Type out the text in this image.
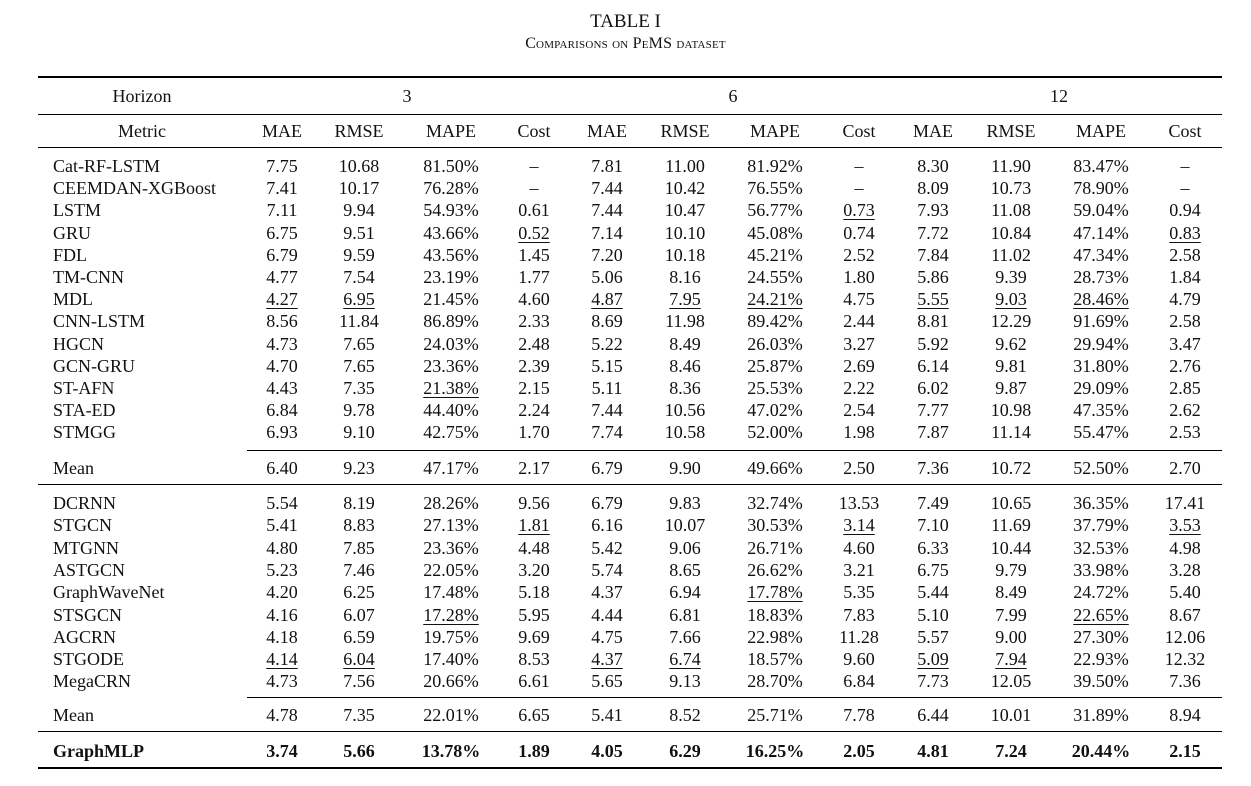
TABLE I
Comparisons on PeMS dataset
Horizon	3	6	12
Metric	MAE RMSE MAPE Cost MAE RMSE MAPE Cost MAE RMSE MAPE Cost
Cat-RF-LSTM	7.75 10.68 81.50%	–	7.81 11.00 81.92%	–	8.30 11.90 83.47%	–
CEEMDAN-XGBoost	7.41 10.17 76.28%	–	7.44 10.42 76.55%	–	8.09 10.73 78.90%	–
LSTM	7.11	9.94	54.93% 0.61 7.44 10.47 56.77% 0.73 7.93 11.08 59.04% 0.94
GRU	6.75	9.51	43.66% 0.52 7.14 10.10 45.08% 0.74 7.72 10.84 47.14% 0.83
FDL	6.79	9.59	43.56% 1.45 7.20 10.18 45.21% 2.52 7.84 11.02 47.34% 2.58
TM-CNN	4.77	7.54	23.19% 1.77 5.06	8.16	24.55% 1.80 5.86	9.39	28.73% 1.84
MDL	4.27	6.95	21.45% 4.60 4.87	7.95	24.21% 4.75 5.55	9.03	28.46% 4.79
CNN-LSTM	8.56 11.84 86.89% 2.33 8.69 11.98 89.42% 2.44 8.81 12.29 91.69% 2.58
HGCN	4.73	7.65	24.03% 2.48 5.22	8.49	26.03% 3.27 5.92	9.62	29.94% 3.47
GCN-GRU	4.70	7.65	23.36% 2.39 5.15	8.46	25.87% 2.69 6.14	9.81	31.80% 2.76
ST-AFN	4.43	7.35	21.38% 2.15 5.11	8.36	25.53% 2.22 6.02	9.87	29.09% 2.85
STA-ED	6.84	9.78	44.40% 2.24 7.44 10.56 47.02% 2.54 7.77 10.98 47.35% 2.62
STMGG	6.93	9.10	42.75% 1.70 7.74 10.58 52.00% 1.98 7.87 11.14 55.47% 2.53
Mean	6.40	9.23	47.17% 2.17 6.79	9.90	49.66% 2.50 7.36 10.72 52.50% 2.70
DCRNN	5.54	8.19	28.26% 9.56 6.79	9.83	32.74% 13.53 7.49 10.65 36.35% 17.41
STGCN	5.41	8.83	27.13% 1.81 6.16 10.07 30.53% 3.14 7.10 11.69 37.79% 3.53
MTGNN	4.80	7.85	23.36% 4.48 5.42	9.06	26.71% 4.60 6.33 10.44 32.53% 4.98
ASTGCN	5.23	7.46	22.05% 3.20 5.74	8.65	26.62% 3.21 6.75	9.79	33.98% 3.28
GraphWaveNet	4.20	6.25	17.48% 5.18 4.37	6.94	17.78% 5.35 5.44	8.49	24.72% 5.40
STSGCN	4.16	6.07	17.28% 5.95 4.44	6.81	18.83% 7.83 5.10	7.99	22.65% 8.67
AGCRN	4.18	6.59	19.75% 9.69 4.75	7.66	22.98% 11.28 5.57	9.00	27.30% 12.06
STGODE	4.14	6.04	17.40% 8.53 4.37	6.74	18.57% 9.60 5.09	7.94	22.93% 12.32
MegaCRN	4.73	7.56	20.66% 6.61 5.65	9.13	28.70% 6.84 7.73 12.05 39.50% 7.36
Mean	4.78	7.35	22.01% 6.65 5.41	8.52	25.71% 7.78 6.44 10.01 31.89% 8.94
GraphMLP	3.74	5.66	13.78% 1.89 4.05	6.29	16.25% 2.05 4.81	7.24	20.44% 2.15
